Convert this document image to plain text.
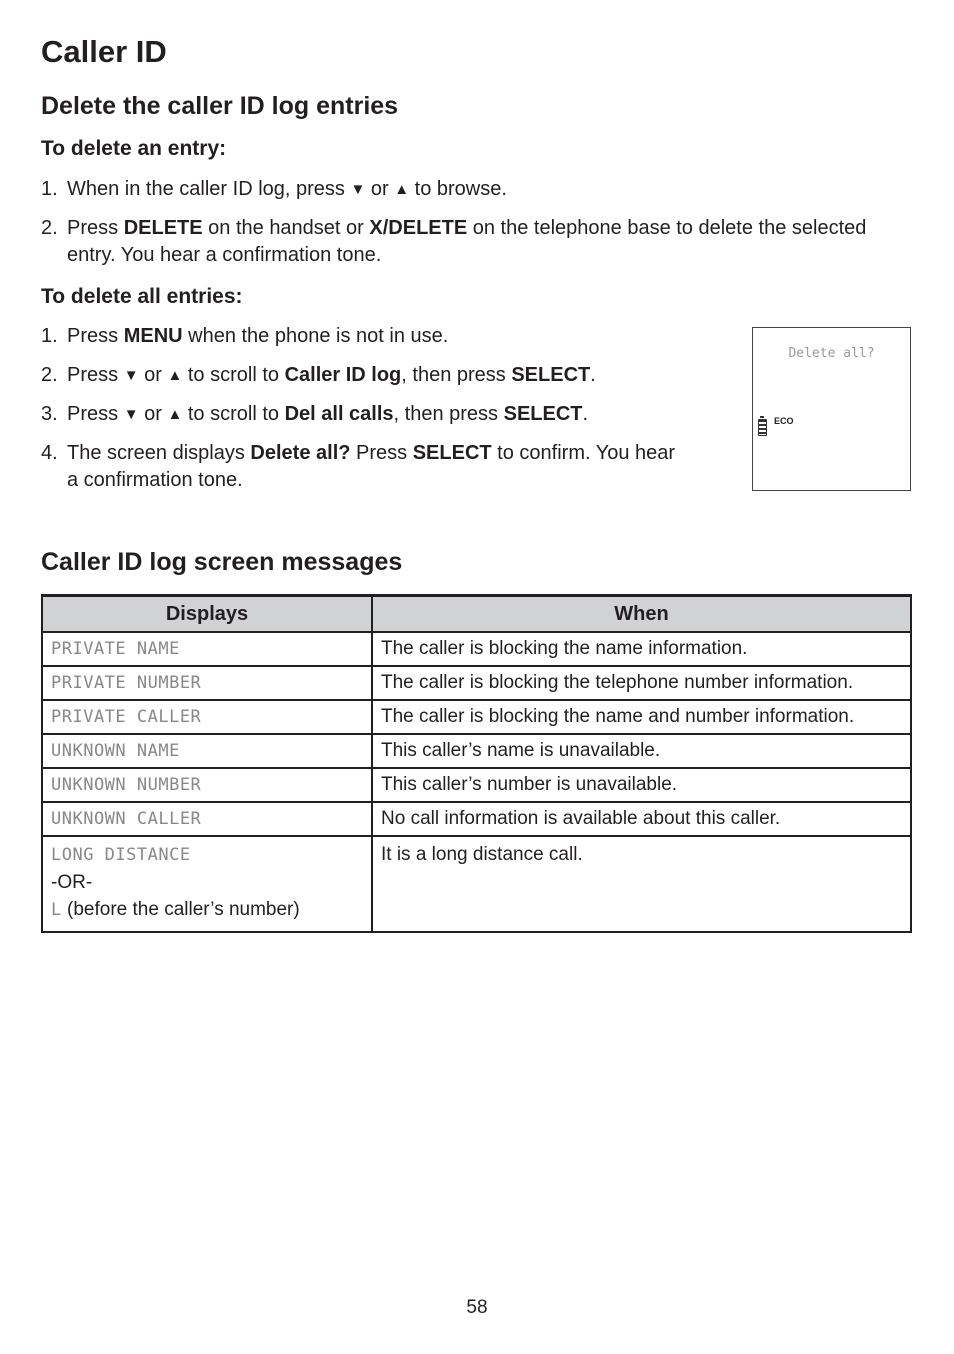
Caller ID
Delete the caller ID log entries
To delete an entry:
1. When in the caller ID log, press ▼ or ▲ to browse.
2. Press DELETE on the handset or X/DELETE on the telephone base to delete the selected entry. You hear a confirmation tone.
To delete all entries:
1. Press MENU when the phone is not in use.
2. Press ▼ or ▲ to scroll to Caller ID log, then press SELECT.
3. Press ▼ or ▲ to scroll to Del all calls, then press SELECT.
4. The screen displays Delete all? Press SELECT to confirm. You hear a confirmation tone.
Delete all?
ECO
Caller ID log screen messages
Displays	When
PRIVATE NAME	The caller is blocking the name information.
PRIVATE NUMBER	The caller is blocking the telephone number information.
PRIVATE CALLER	The caller is blocking the name and number information.
UNKNOWN NAME	This caller’s name is unavailable.
UNKNOWN NUMBER	This caller’s number is unavailable.
UNKNOWN CALLER	No call information is available about this caller.

LONG DISTANCE
-OR-
L (before the caller’s number)	It is a long distance call.
58
